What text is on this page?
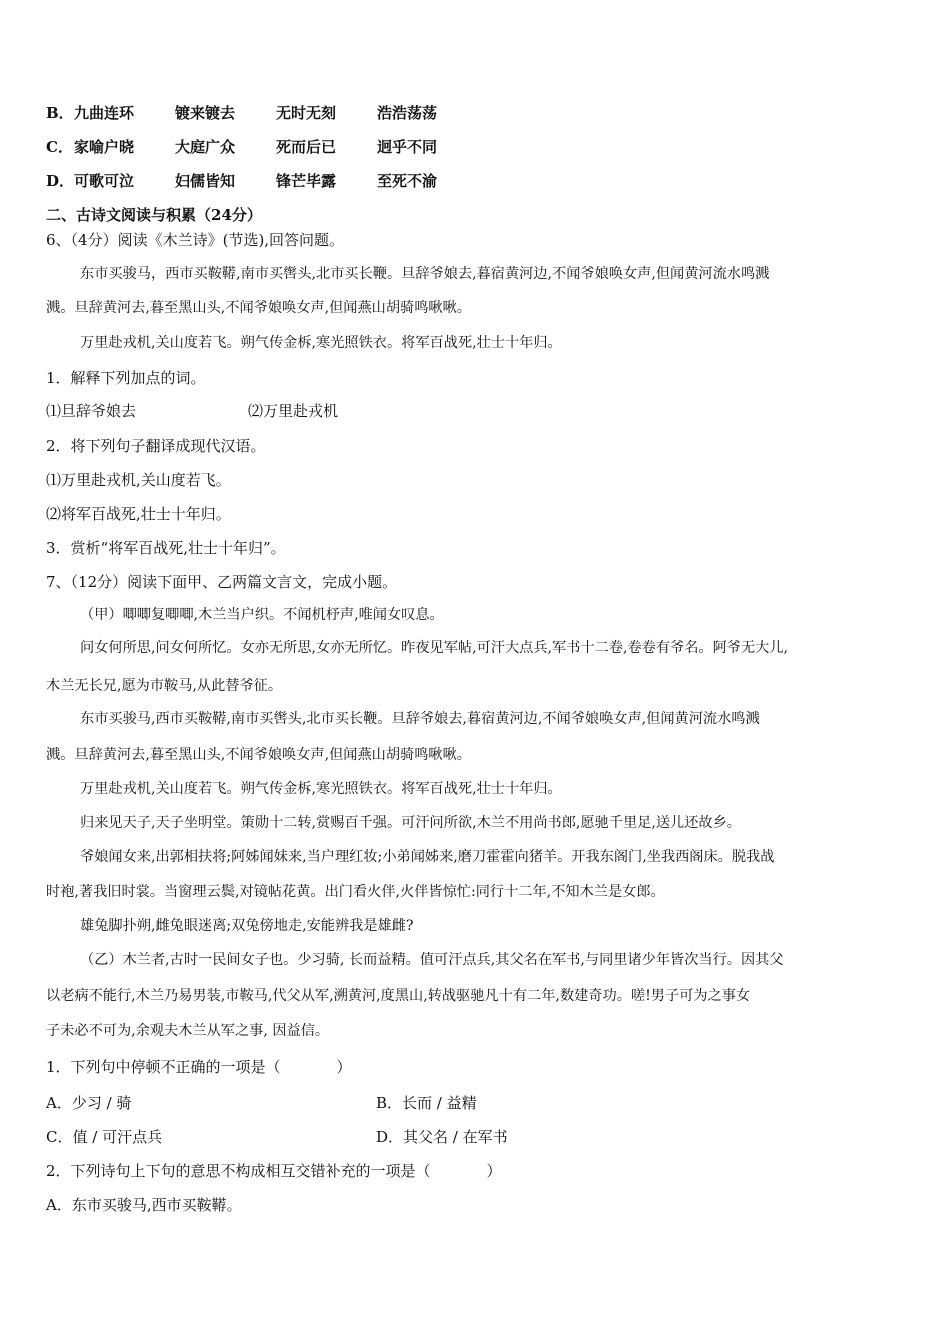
B．九曲连环	镀来镀去	无时无刻	浩浩荡荡
C．家喻户晓	大庭广众	死而后已	迥乎不同
D．可歌可泣	妇儒皆知	锋芒毕露	至死不渝
二、古诗文阅读与积累（24分）
6、（4分）阅读《木兰诗》(节选),回答问题。
东市买骏马，西市买鞍鞯,南市买辔头,北市买长鞭。旦辞爷娘去,暮宿黄河边,不闻爷娘唤女声,但闻黄河流水鸣溅
溅。旦辞黄河去,暮至黑山头,不闻爷娘唤女声,但闻燕山胡骑鸣啾啾。
万里赴戎机,关山度若飞。朔气传金柝,寒光照铁衣。将军百战死,壮士十年归。
1．解释下列加点的词。
⑴旦辞爷娘去	⑵万里赴戎机
2．将下列句子翻译成现代汉语。
⑴万里赴戎机,关山度若飞。
⑵将军百战死,壮士十年归。
3．赏析“将军百战死,壮士十年归”。
7、（12分）阅读下面甲、乙两篇文言文，完成小题。
（甲）唧唧复唧唧,木兰当户织。不闻机杼声,唯闻女叹息。
问女何所思,问女何所忆。女亦无所思,女亦无所忆。昨夜见军帖,可汗大点兵,军书十二卷,卷卷有爷名。阿爷无大儿,
木兰无长兄,愿为市鞍马,从此替爷征。
东市买骏马,西市买鞍鞯,南市买辔头,北市买长鞭。旦辞爷娘去,暮宿黄河边,不闻爷娘唤女声,但闻黄河流水鸣溅
溅。旦辞黄河去,暮至黑山头,不闻爷娘唤女声,但闻燕山胡骑鸣啾啾。
万里赴戎机,关山度若飞。朔气传金柝,寒光照铁衣。将军百战死,壮士十年归。
归来见天子,天子坐明堂。策勋十二转,赏赐百千强。可汗问所欲,木兰不用尚书郎,愿驰千里足,送儿还故乡。
爷娘闻女来,出郭相扶将;阿姊闻妹来,当户理红妆;小弟闻姊来,磨刀霍霍向猪羊。开我东阁门,坐我西阁床。脱我战
时袍,著我旧时裳。当窗理云鬓,对镜帖花黄。出门看火伴,火伴皆惊忙:同行十二年,不知木兰是女郎。
雄兔脚扑朔,雌兔眼迷离;双兔傍地走,安能辨我是雄雌?
（乙）木兰者,古时一民间女子也。少习骑, 长而益精。值可汗点兵,其父名在军书,与同里诸少年皆次当行。因其父
以老病不能行,木兰乃易男装,市鞍马,代父从军,溯黄河,度黑山,转战驱驰凡十有二年,数建奇功。嗟!男子可为之事女
子未必不可为,余观夫木兰从军之事, 因益信。
1．下列句中停顿不正确的一项是（	）
A．少习 / 骑	B．长而 / 益精
C．值 / 可汗点兵	D．其父名 / 在军书
2．下列诗句上下句的意思不构成相互交错补充的一项是（	）
A．东市买骏马,西市买鞍鞯。
